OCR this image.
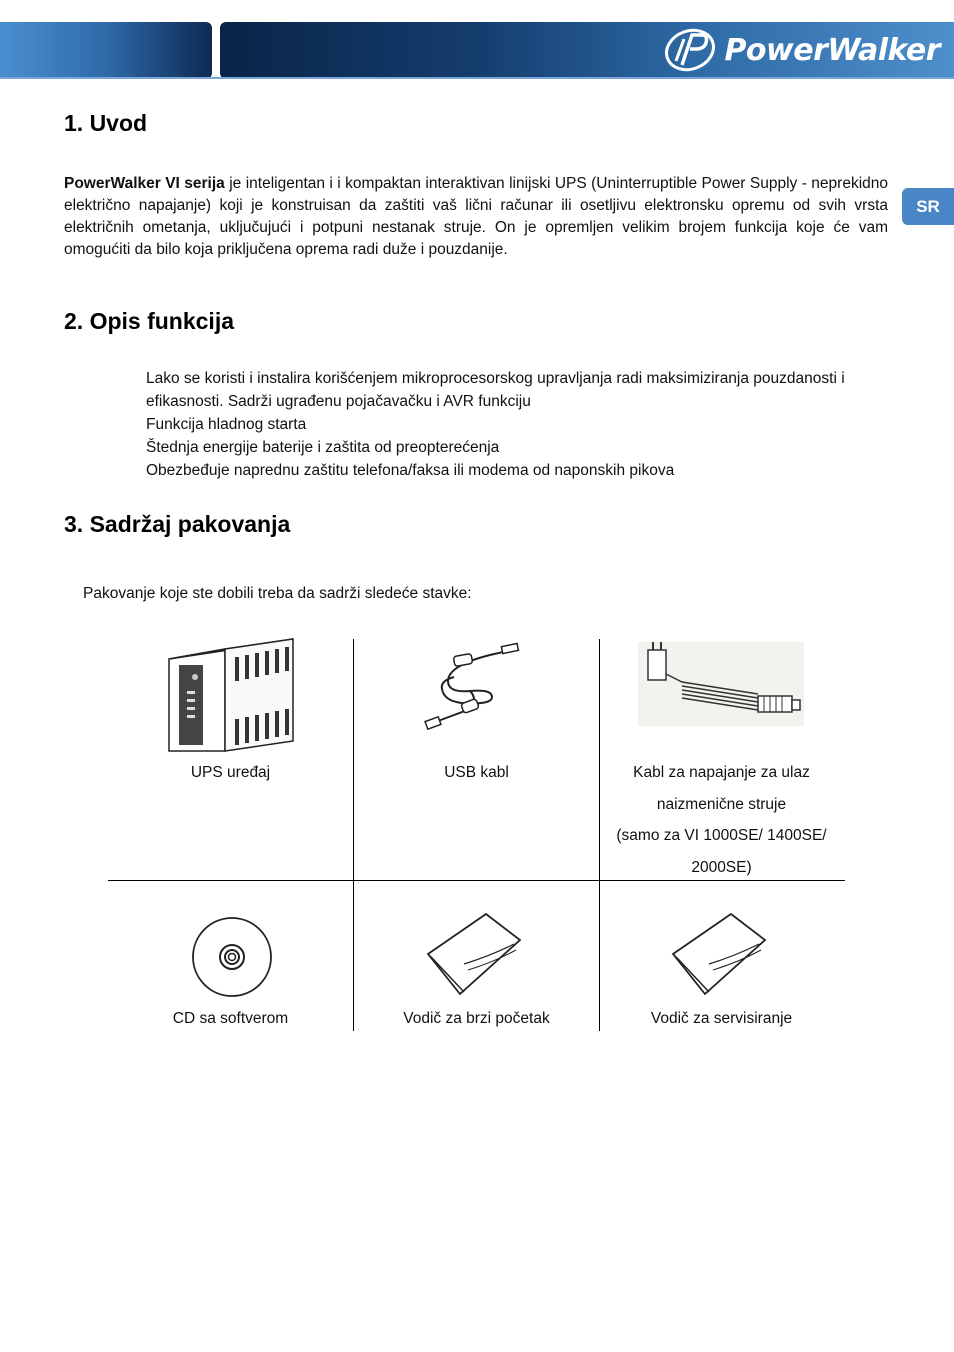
PowerWalker
SR
1. Uvod
PowerWalker VI serija je inteligentan i i kompaktan interaktivan linijski UPS (Uninterruptible Power Supply - neprekidno električno napajanje) koji je konstruisan da zaštiti vaš lični računar ili osetljivu elektronsku opremu od svih vrsta električnih ometanja, uključujući i potpuni nestanak struje. On je opremljen velikim brojem funkcija koje će vam omogućiti da bilo koja priključena oprema radi duže i pouzdanije.
2. Opis funkcija
Lako se koristi i instalira korišćenjem mikroprocesorskog upravljanja radi maksimiziranja pouzdanosti i efikasnosti. Sadrži ugrađenu pojačavačku i AVR funkciju
Funkcija hladnog starta
Štednja energije baterije i zaštita od preopterećenja
Obezbeđuje naprednu zaštitu telefona/faksa ili modema od naponskih pikova
3. Sadržaj pakovanja
Pakovanje koje ste dobili treba da sadrži sledeće stavke:
UPS uređaj	USB kabl	Kabl za napajanje za ulaz
naizmenične struje
(samo za VI 1000SE/ 1400SE/
2000SE)
CD sa softverom	Vodič za brzi početak	Vodič za servisiranje
